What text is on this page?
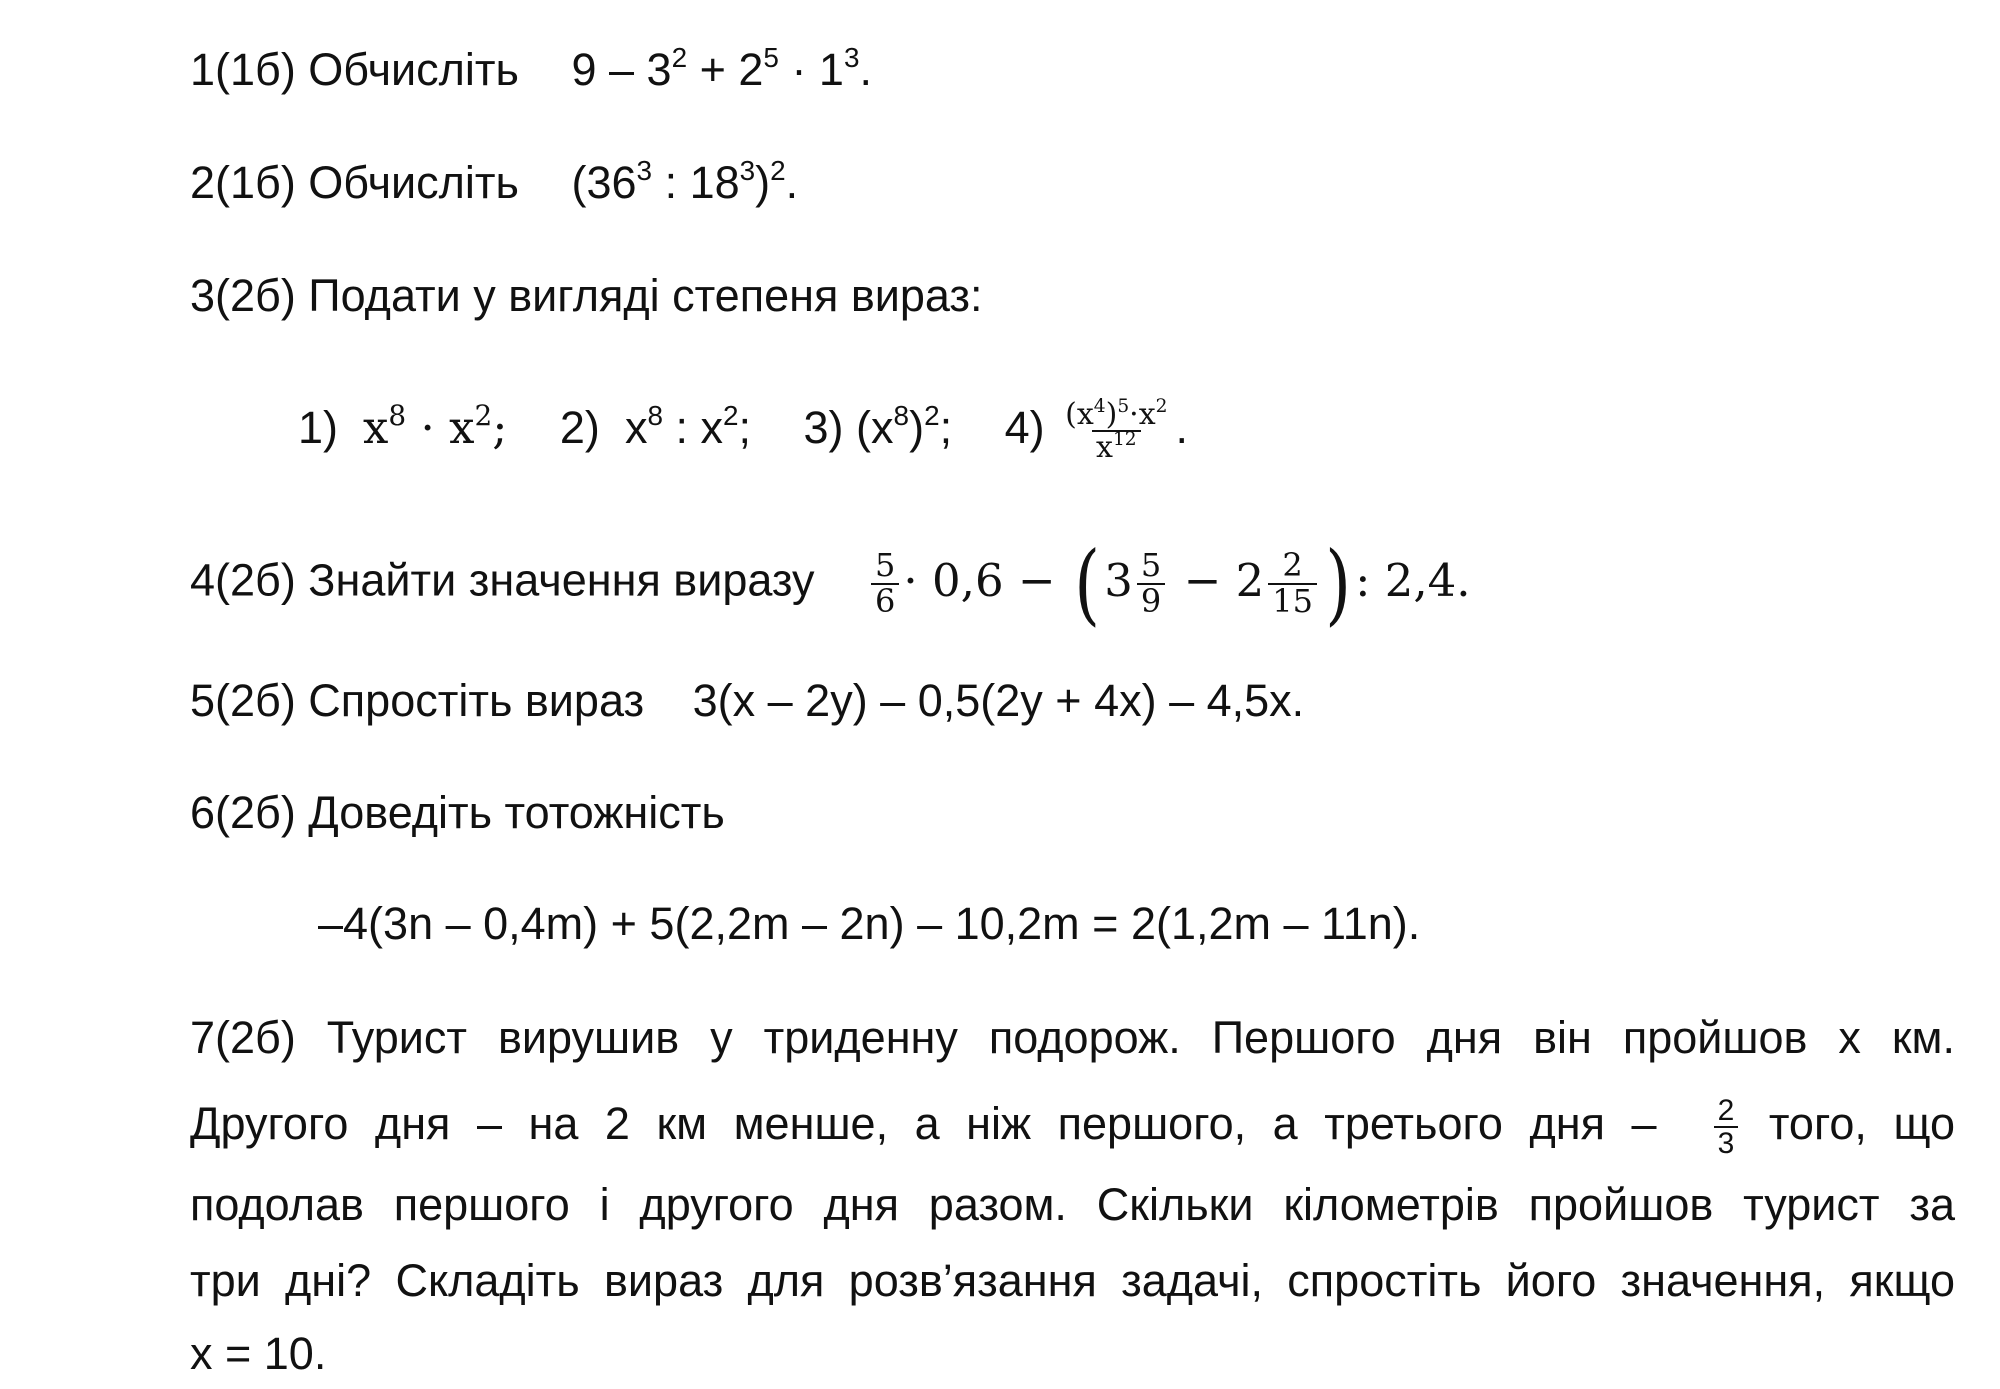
1(1б) Обчисліть $9 - 3^2 + 2^5 \cdot 1^3$.
2(1б) Обчисліть ($36^3$ : $18^3)^2$.
3(2б) Подати у вигляді степеня вираз:
1) $x^8 \cdot x^2$; 2) $x^8$ : $x^2$; 3) $(x^8)^2$; $4) \frac{(x^4)^5\cdot x^2}{x^{12}}$ .
4(2б) Знайти значення виразу $\frac{5}{6} \cdot 0,6 - (3 \frac{5}{9} - 2 \frac{2}{15}$ ): 2,4.
5(2б) Спростіть вираз 3(x – 2y) – 0,5(2y + 4x) – 4,5x.
6(2б) Доведіть тотожність
–4(3n – 0,4m) + 5(2,2m – 2n) – 10,2m = 2(1,2m – 11n).
7(2б) Турист вирушив у триденну подорож. Першого дня він пройшов x км.
Другого дня – на 2 км менше, а ніж першого, а третього дня – $\frac{2}{3}$ того, що
подолав першого і другого дня разом. Скільки кілометрів пройшов турист за
три дні? Складіть вираз для розв’язання задачі, спростіть його значення, якщо
x = 10.
